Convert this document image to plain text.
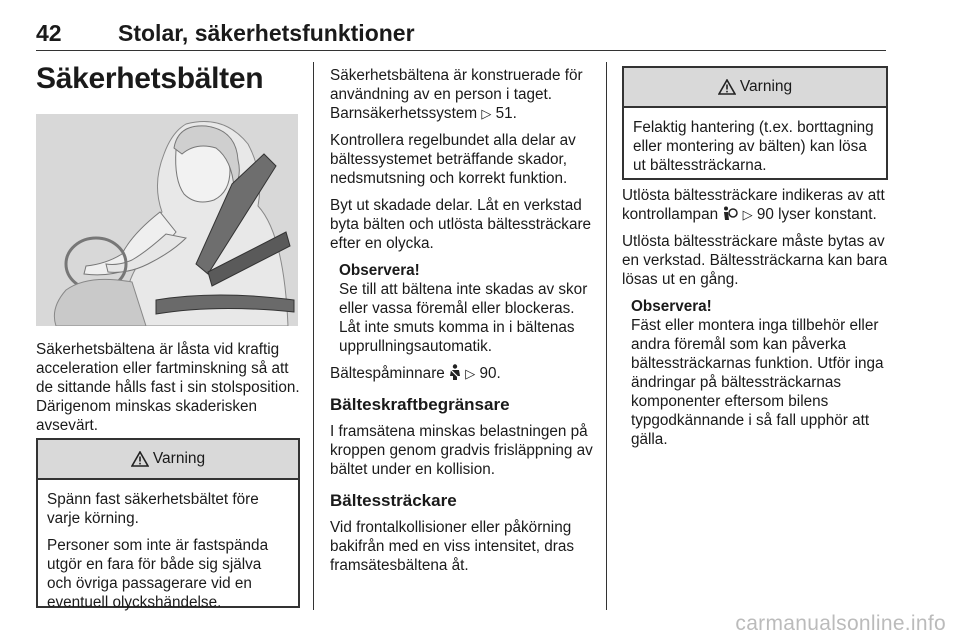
42 Stolar, säkerhetsfunktioner
Säkerhetsbälten

Säkerhetsbältena är låsta vid kraftig acceleration eller fartminskning så att de sittande hålls fast i sin stolsposition. Därigenom minskas skaderisken avsevärt.

Varning

Spänn fast säkerhetsbältet före varje körning.

Personer som inte är fastspända utgör en fara för både sig själva och övriga passagerare vid en eventuell olyckshändelse.

Säkerhetsbältena är konstruerade för användning av en person i taget. Barnsäkerhetssystem ▷ 51.

Kontrollera regelbundet alla delar av bältessystemet beträffande skador, nedsmutsning och korrekt funktion.

Byt ut skadade delar. Låt en verkstad byta bälten och utlösta bältessträckare efter en olycka.

Observera!

Se till att bältena inte skadas av skor eller vassa föremål eller blockeras. Låt inte smuts komma in i bältenas upprullningsautomatik.

Bältespåminnare ▷ 90.

Bälteskraftbegränsare

I framsätena minskas belastningen på kroppen genom gradvis frisläppning av bältet under en kollision.

Bältessträckare

Vid frontalkollisioner eller påkörning bakifrån med en viss intensitet, dras framsätesbältena åt.

Varning

Felaktig hantering (t.ex. borttagning eller montering av bälten) kan lösa ut bältessträckarna.

Utlösta bältessträckare indikeras av att kontrollampan ▷ 90 lyser konstant.

Utlösta bältessträckare måste bytas av en verkstad. Bältessträckarna kan bara lösas ut en gång.

Observera!

Fäst eller montera inga tillbehör eller andra föremål som kan påverka bältessträckarnas funktion. Utför inga ändringar på bältessträckarnas komponenter eftersom bilens typgodkännande i så fall upphör att gälla.

carmanualsonline.info
